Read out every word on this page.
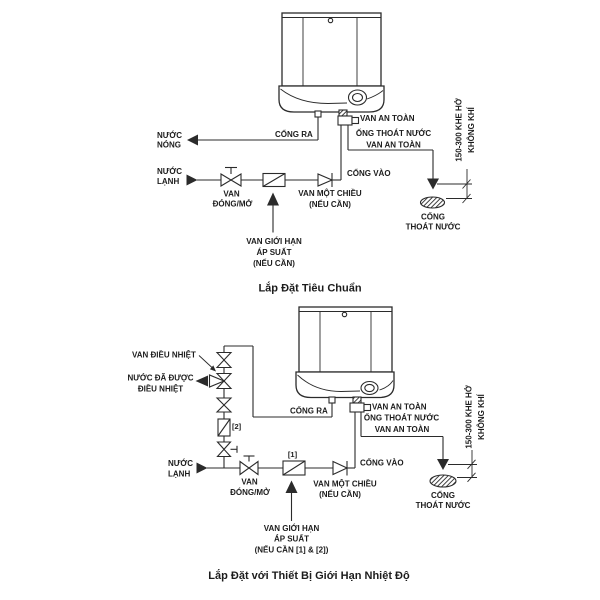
NƯỚC
NÓNG
CỔNG RA
NƯỚC
LẠNH
CỔNG VÀO
VAN
ĐÓNG/MỞ
VAN GIỚI HẠN
ÁP SUẤT
(NẾU CẦN)
VAN MỘT CHIỀU
(NẾU CẦN)
VAN AN TOÀN
ỐNG THOÁT NƯỚC
VAN AN TOÀN	150-300 KHE HỞ KHÔNG KHÍ
CỔNG
THOÁT NƯỚC
Lắp Đặt Tiêu Chuẩn
CỔNG RA
[2]
VAN ĐIỀU NHIỆT
NƯỚC ĐÃ ĐƯỢC
ĐIỀU NHIỆT
NƯỚC
LẠNH
CỔNG VÀO
VAN
ĐÓNG/MỞ
[1]
VAN GIỚI HẠN
ÁP SUẤT
(NẾU CẦN [1] & [2])
VAN MỘT CHIỀU
(NẾU CẦN)
VAN AN TOÀN
ỐNG THOÁT NƯỚC
VAN AN TOÀN	150-300 KHE HỞ KHÔNG KHÍ
CỔNG
THOÁT NƯỚC
Lắp Đặt với Thiết Bị Giới Hạn Nhiệt Độ
